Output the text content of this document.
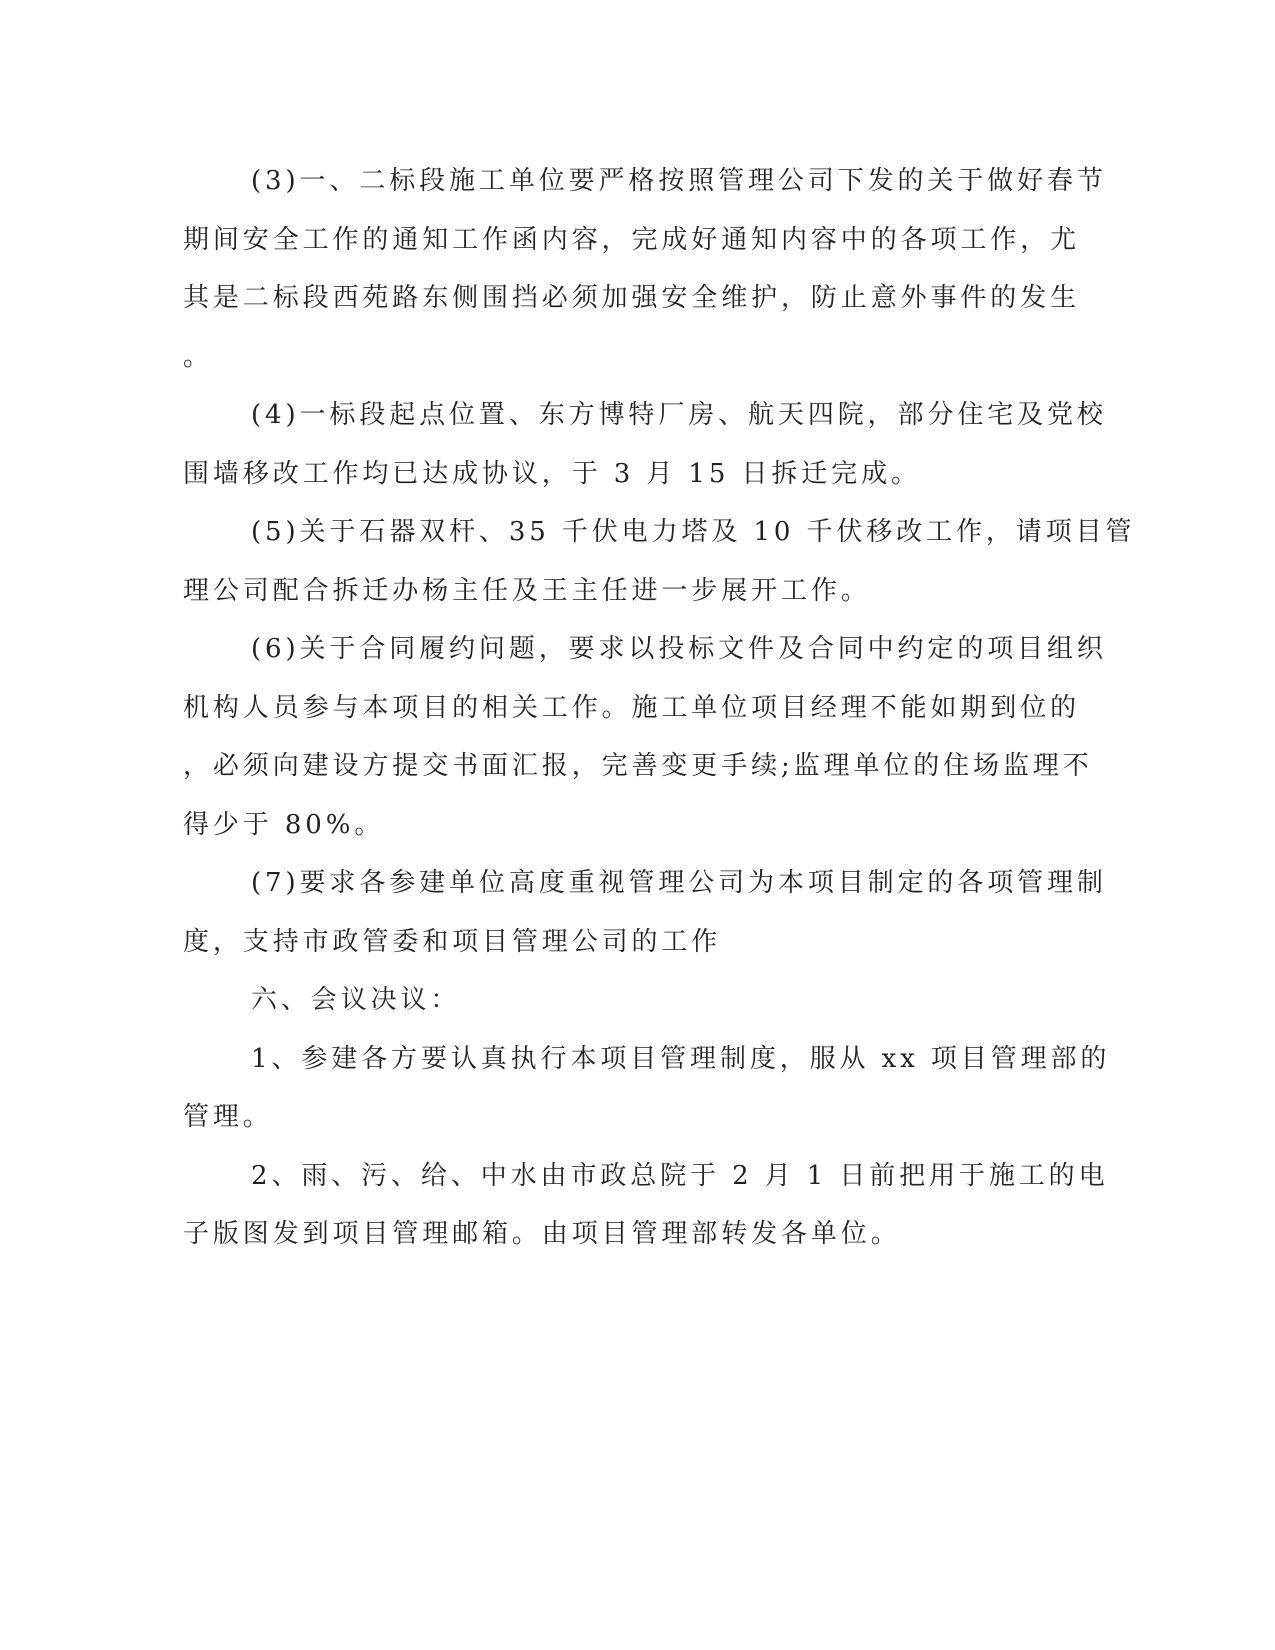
(3)一、二标段施工单位要严格按照管理公司下发的关于做好春节
期间安全工作的通知工作函内容，完成好通知内容中的各项工作，尤
其是二标段西苑路东侧围挡必须加强安全维护，防止意外事件的发生
。
(4)一标段起点位置、东方博特厂房、航天四院，部分住宅及党校
围墙移改工作均已达成协议，于 3 月 15 日拆迁完成。
(5)关于石器双杆、35 千伏电力塔及 10 千伏移改工作，请项目管
理公司配合拆迁办杨主任及王主任进一步展开工作。
(6)关于合同履约问题，要求以投标文件及合同中约定的项目组织
机构人员参与本项目的相关工作。施工单位项目经理不能如期到位的
，必须向建设方提交书面汇报，完善变更手续;监理单位的住场监理不
得少于 80%。
(7)要求各参建单位高度重视管理公司为本项目制定的各项管理制
度，支持市政管委和项目管理公司的工作
六、会议决议：
1、参建各方要认真执行本项目管理制度，服从 xx 项目管理部的
管理。
2、雨、污、给、中水由市政总院于 2 月 1 日前把用于施工的电
子版图发到项目管理邮箱。由项目管理部转发各单位。
